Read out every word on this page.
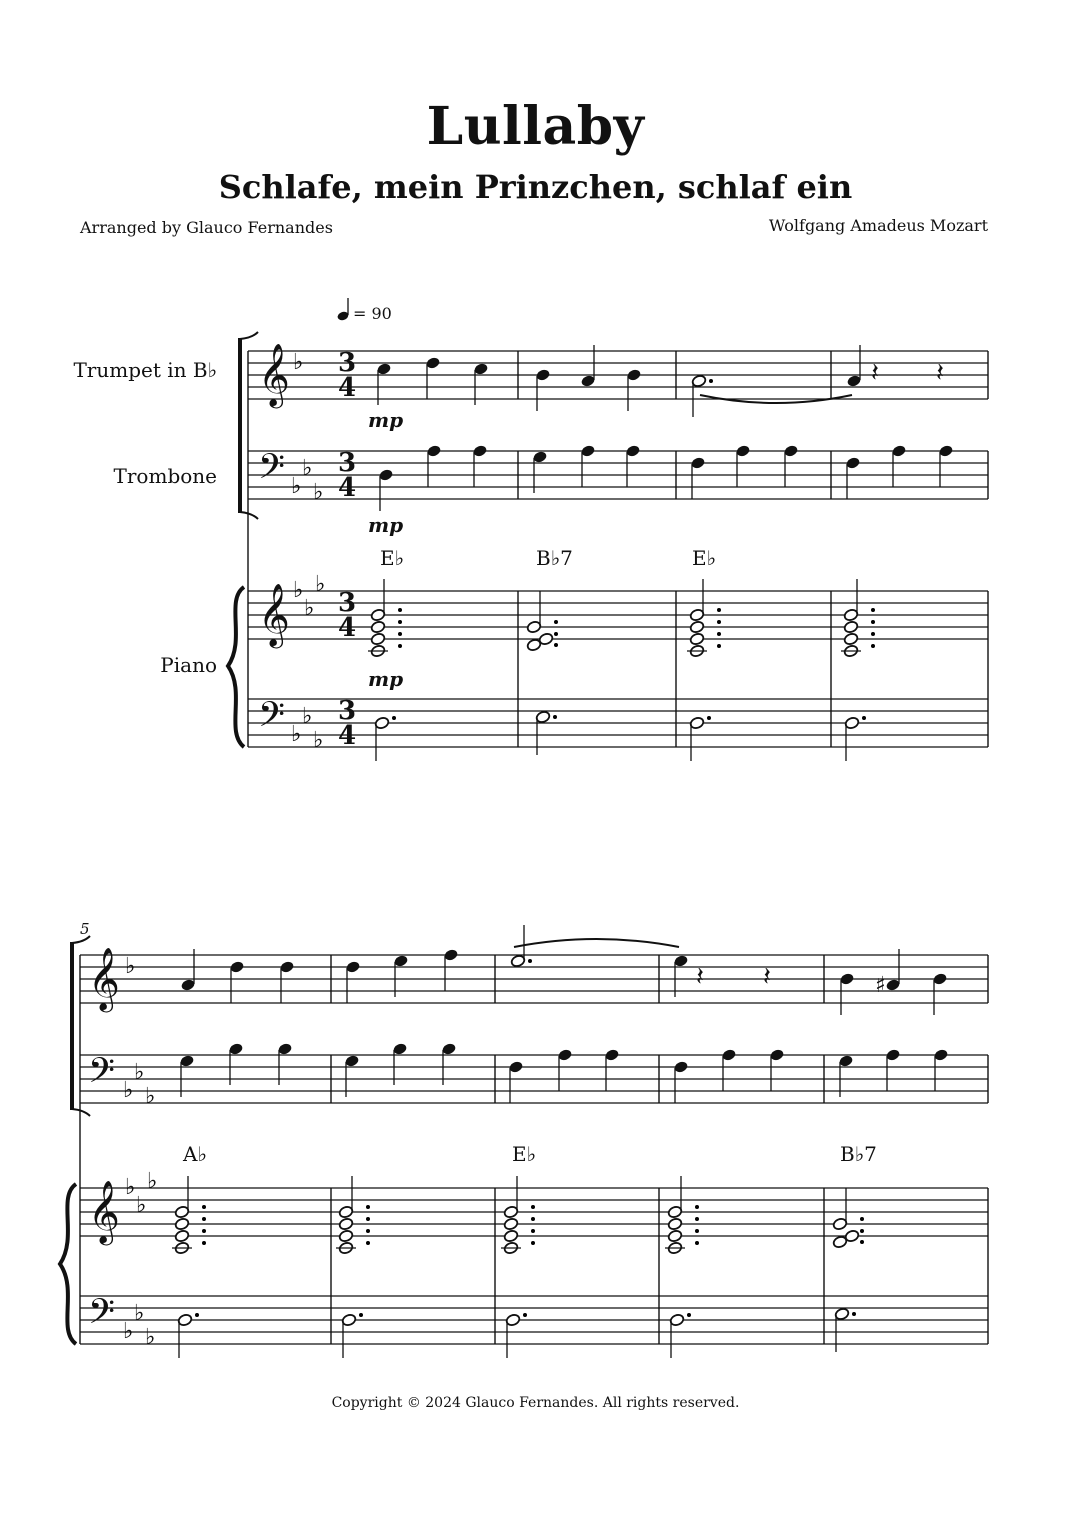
Lullaby
Schlafe, mein Prinzchen, schlaf ein
Arranged by Glauco Fernandes	Wolfgang Amadeus Mozart
Copyright © 2024 Glauco Fernandes. All rights reserved.
𝄞
𝄢
𝄞
𝄢
♭
♭
♭
♭
♭
♭
♭
♭
♭
♭
3
4
3
4
3
4
3
4
𝄽 𝄽
𝄞
𝄢
𝄞
𝄢
♭
♭
♭
♭
♭
♭
♭
♭
♭
♭
𝄽 𝄽	♯
Trumpet in B♭
Trombone
Piano
= 90
mp
mp
mp
5
E♭	B♭7	E♭
A♭	E♭	B♭7
